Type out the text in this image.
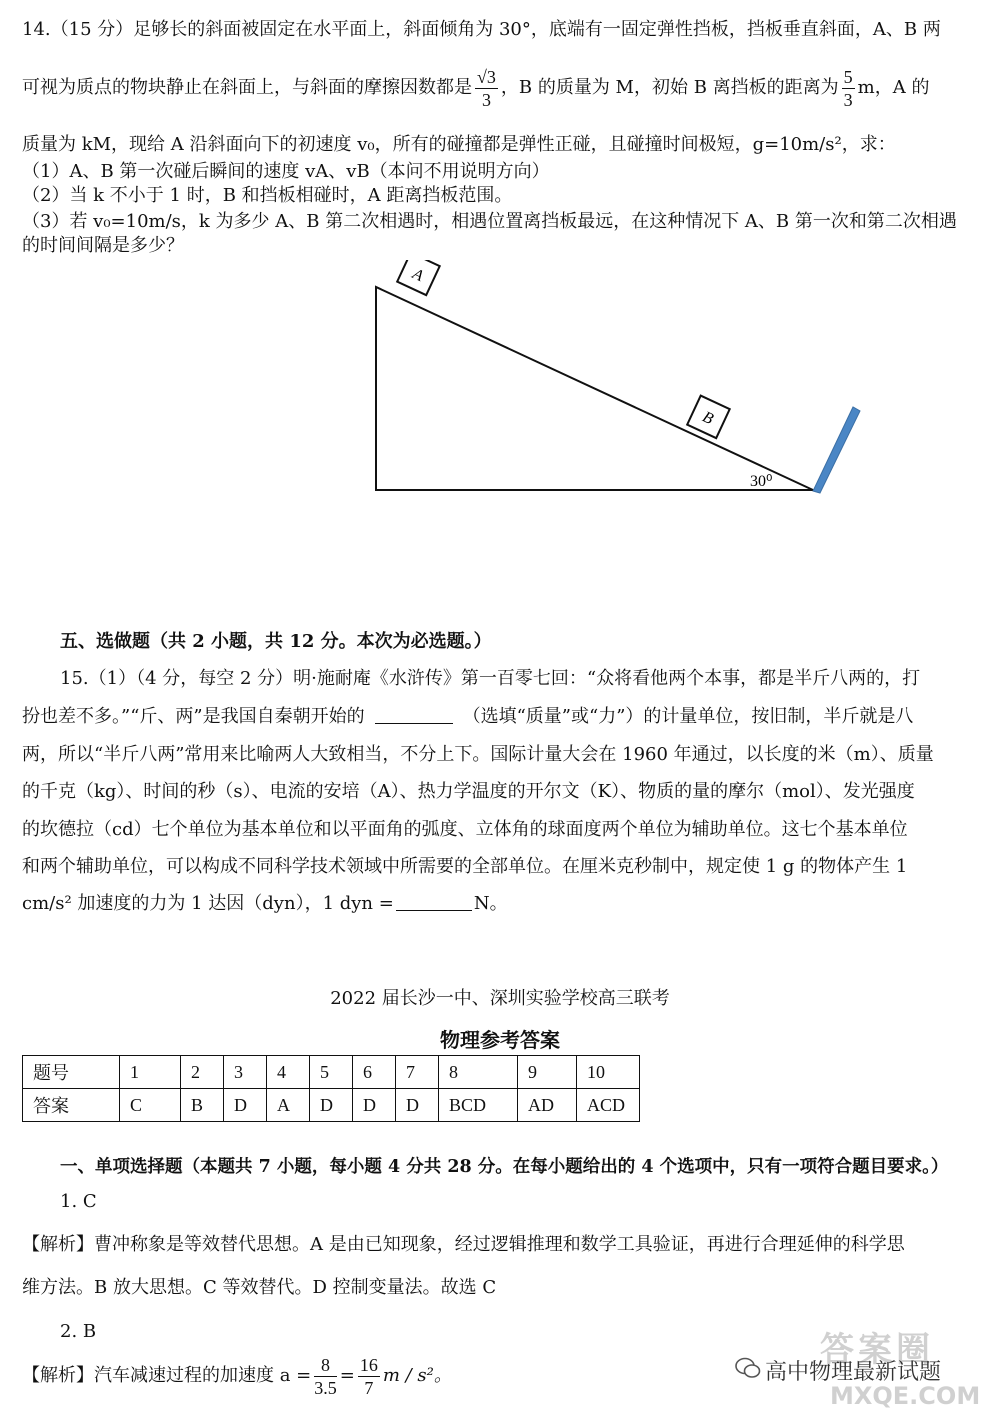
14.（15 分）足够长的斜面被固定在水平面上，斜面倾角为 30°，底端有一固定弹性挡板，挡板垂直斜面，A、B 两
可视为质点的物块静止在斜面上，与斜面的摩擦因数都是 $\frac{√3}{3}$ ，B 的质量为 M，初始 B 离挡板的距离为 $\frac{5}{3}$ m，A 的
质量为 kM，现给 A 沿斜面向下的初速度 v₀，所有的碰撞都是弹性正碰，且碰撞时间极短，g=10m/s²，求：
（1）A、B 第一次碰后瞬间的速度 vA、vB（本问不用说明方向）
（2）当 k 不小于 1 时，B 和挡板相碰时，A 距离挡板范围。
（3）若 v₀=10m/s，k 为多少 A、B 第二次相遇时，相遇位置离挡板最远，在这种情况下 A、B 第一次和第二次相遇
的时间间隔是多少？
A
B
30⁰
五、选做题（共 2 小题，共 12 分。本次为必选题。）
15.（1）（4 分，每空 2 分）明·施耐庵《水浒传》第一百零七回：“众将看他两个本事，都是半斤八两的，打
扮也差不多。”“斤、两”是我国自秦朝开始的	（选填“质量”或“力”）的计量单位，按旧制，半斤就是八
两，所以“半斤八两”常用来比喻两人大致相当，不分上下。国际计量大会在 1960 年通过，以长度的米（m）、质量
的千克（kg）、时间的秒（s）、电流的安培（A）、热力学温度的开尔文（K）、物质的量的摩尔（mol）、发光强度
的坎德拉（cd）七个单位为基本单位和以平面角的弧度、立体角的球面度两个单位为辅助单位。这七个基本单位
和两个辅助单位，可以构成不同科学技术领域中所需要的全部单位。在厘米克秒制中，规定使 1 g 的物体产生 1
cm/s² 加速度的力为 1 达因（dyn），1 dyn =	N。
2022 届长沙一中、深圳实验学校高三联考
物理参考答案
题号	1	2	3	4	5	6	7	8	9	10
答案	C	B	D	A	D	D	D	BCD	AD	ACD
一、单项选择题（本题共 7 小题，每小题 4 分共 28 分。在每小题给出的 4 个选项中，只有一项符合题目要求。）
1. C
【解析】曹冲称象是等效替代思想。A 是由已知现象，经过逻辑推理和数学工具验证，再进行合理延伸的科学思
维方法。B 放大思想。C 等效替代。D 控制变量法。故选 C
2. B
【解析】汽车减速过程的加速度 $a = \frac{8}{3.5} = \frac{16}{7}$ m / s²。
答案圈
MXQE.COM
高中物理最新试题
